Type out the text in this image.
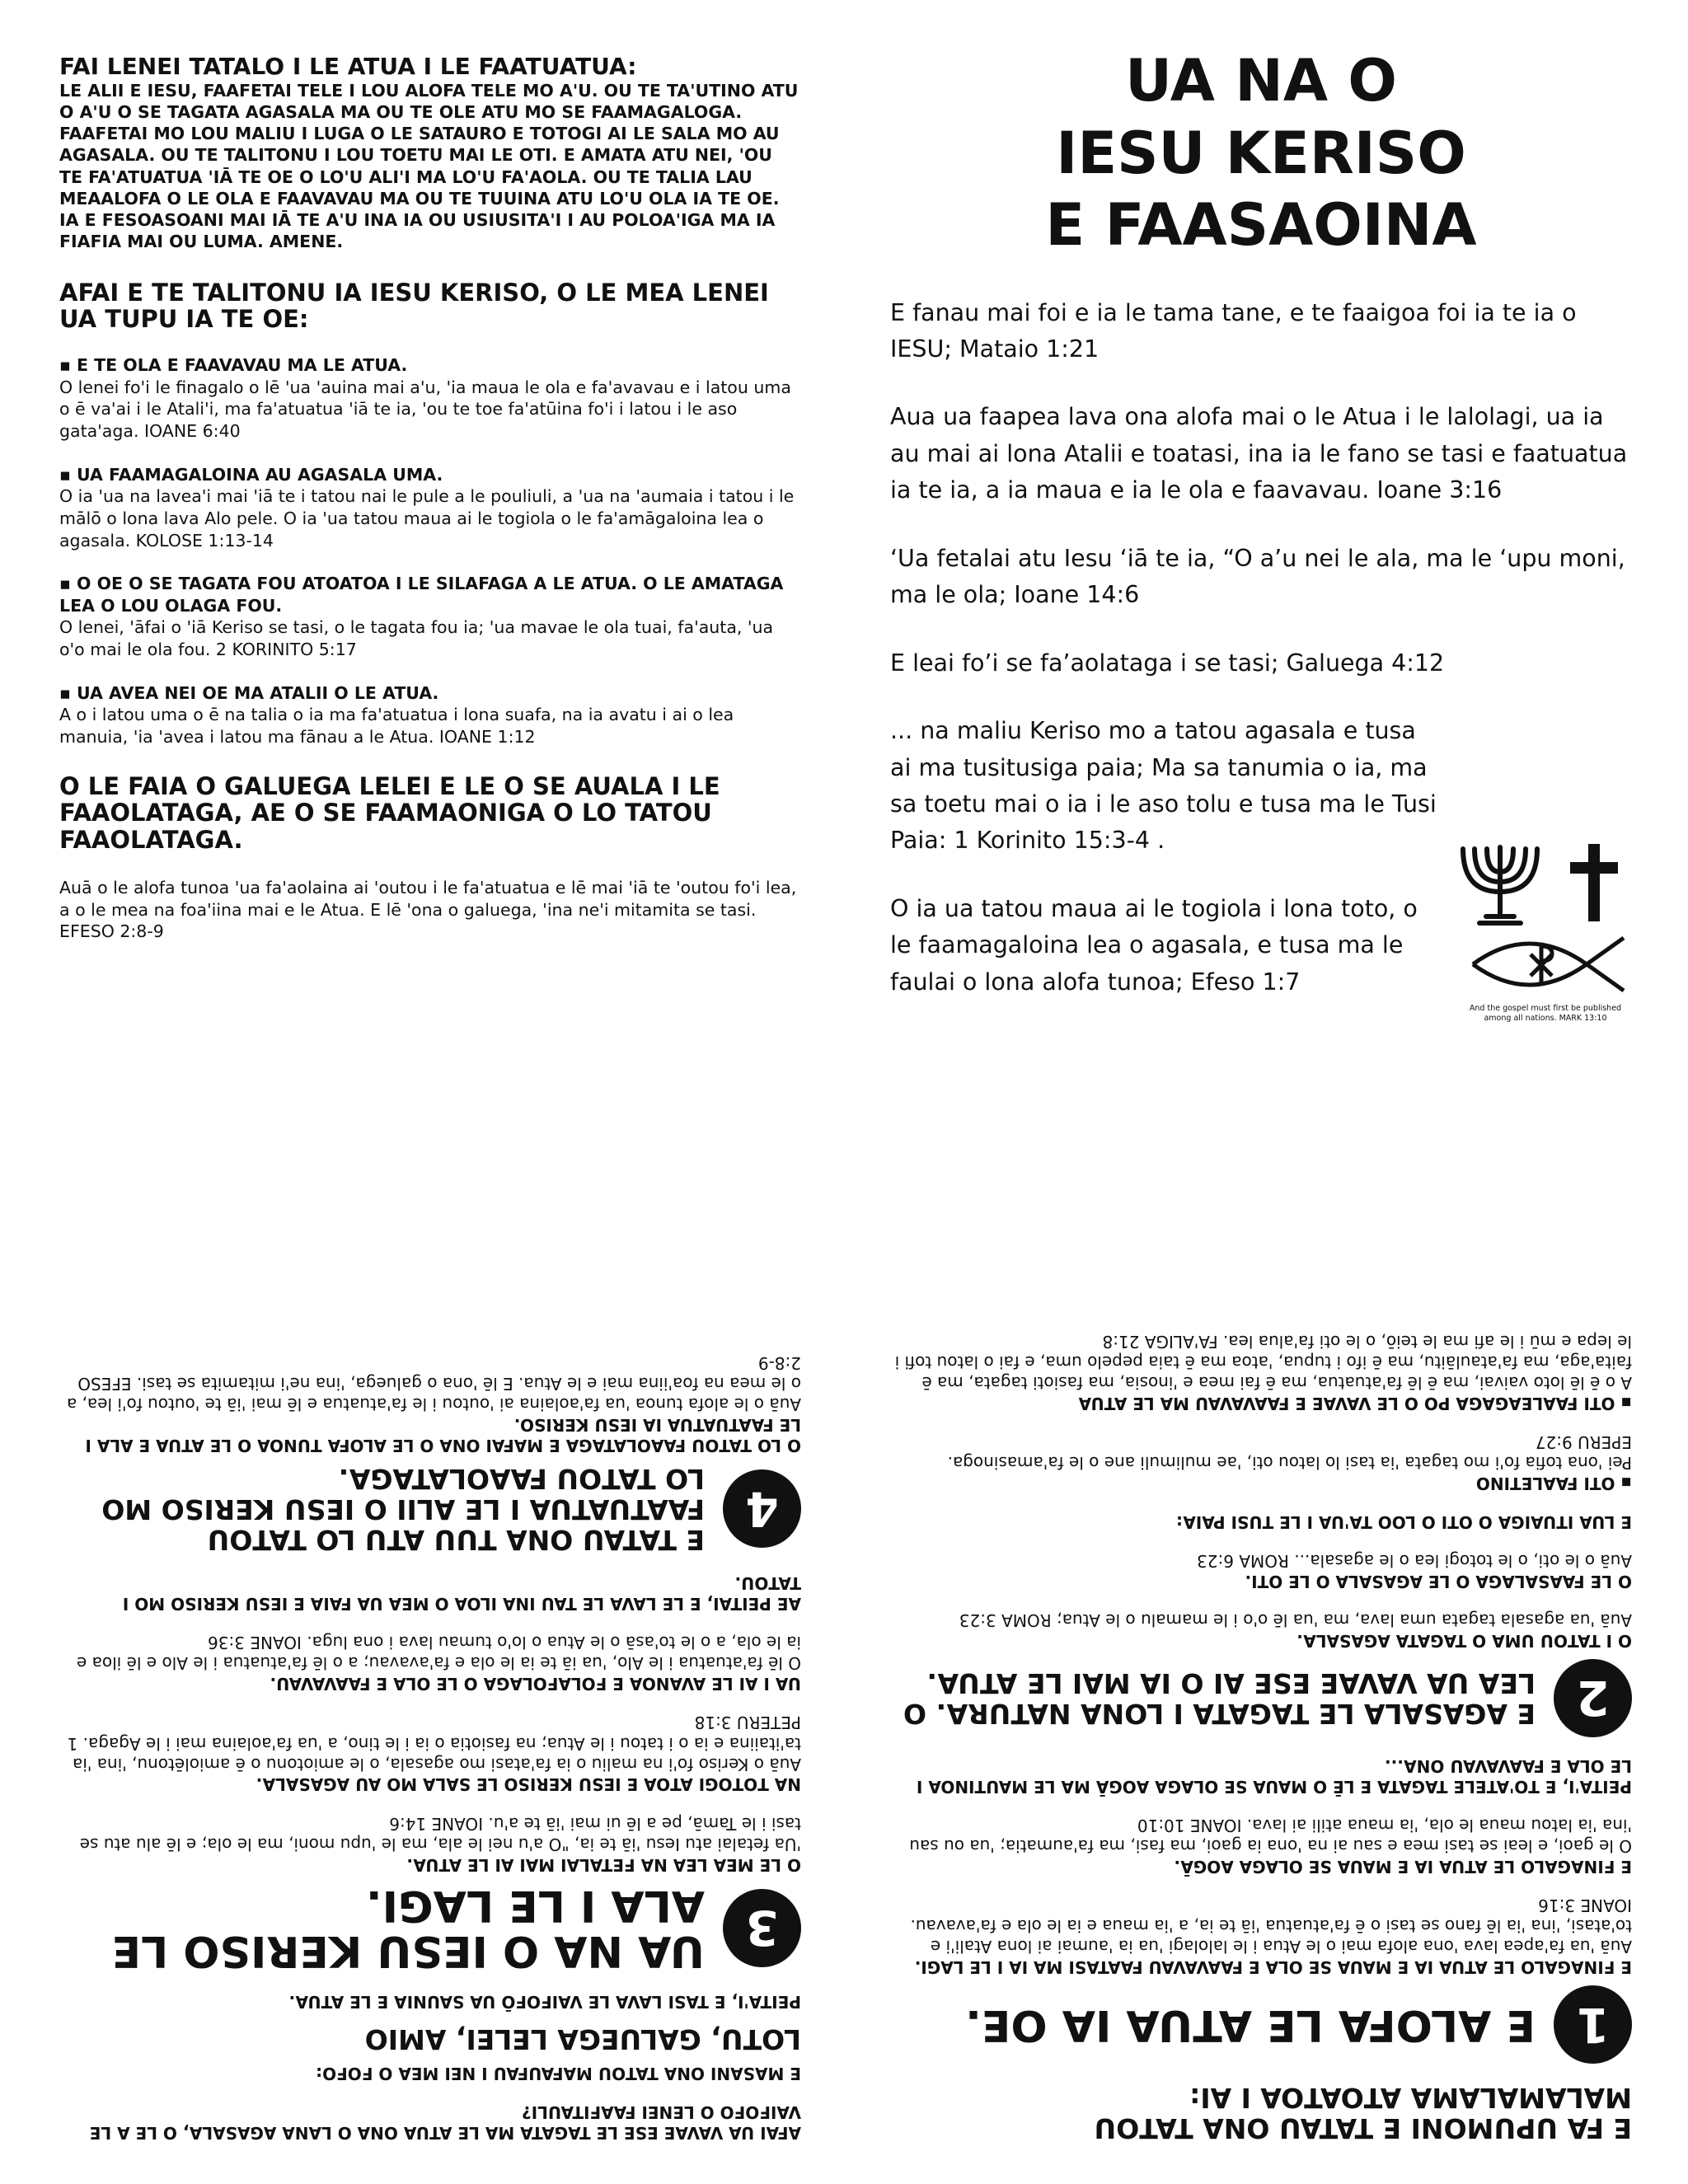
FAI LENEI TATALO I LE ATUA I LE FAATUATUA:

LE ALII E IESU, FAAFETAI TELE I LOU ALOFA TELE MO A'U. OU TE TA'UTINO ATU O A'U O SE TAGATA AGASALA MA OU TE OLE ATU MO SE FAAMAGALOGA. FAAFETAI MO LOU MALIU I LUGA O LE SATAURO E TOTOGI AI LE SALA MO AU AGASALA. OU TE TALITONU I LOU TOETU MAI LE OTI. E AMATA ATU NEI, 'OU TE FA'ATUATUA 'IĀ TE OE O LO'U ALI'I MA LO'U FA'AOLA. OU TE TALIA LAU MEAALOFA O LE OLA E FAAVAVAU MA OU TE TUUINA ATU LO'U OLA IA TE OE. IA E FESOASOANI MAI IĀ TE A'U INA IA OU USIUSITA'I I AU POLOA'IGA MA IA FIAFIA MAI OU LUMA. AMENE.

AFAI E TE TALITONU IA IESU KERISO, O LE MEA LENEI UA TUPU IA TE OE:

▪ E TE OLA E FAAVAVAU MA LE ATUA.
O lenei fo'i le finagalo o lē 'ua 'auina mai a'u, 'ia maua le ola e fa'avavau e i latou uma o ē va'ai i le Atali'i, ma fa'atuatua 'iā te ia, 'ou te toe fa'atūina fo'i i latou i le aso gata'aga. IOANE 6:40
▪ UA FAAMAGALOINA AU AGASALA UMA.
O ia 'ua na lavea'i mai 'iā te i tatou nai le pule a le pouliuli, a 'ua na 'aumaia i tatou i le mālō o lona lava Alo pele. O ia 'ua tatou maua ai le togiola o le fa'amāgaloina lea o agasala. KOLOSE 1:13-14
▪ O OE O SE TAGATA FOU ATOATOA I LE SILAFAGA A LE ATUA. O LE AMATAGA LEA O LOU OLAGA FOU.
O lenei, 'āfai o 'iā Keriso se tasi, o le tagata fou ia; 'ua mavae le ola tuai, fa'auta, 'ua o'o mai le ola fou. 2 KORINITO 5:17
▪ UA AVEA NEI OE MA ATALII O LE ATUA.
A o i latou uma o ē na talia o ia ma fa'atuatua i lona suafa, na ia avatu i ai o lea manuia, 'ia 'avea i latou ma fānau a le Atua. IOANE 1:12

O LE FAIA O GALUEGA LELEI E LE O SE AUALA I LE FAAOLATAGA, AE O SE FAAMAONIGA O LO TATOU FAAOLATAGA.

Auā o le alofa tunoa 'ua fa'aolaina ai 'outou i le fa'atuatua e lē mai 'iā te 'outou fo'i lea, a o le mea na foa'iina mai e le Atua. E lē 'ona o galuega, 'ina ne'i mitamita se tasi. EFESO 2:8-9

UA NA O
IESU KERISO
E FAASAOINA

E fanau mai foi e ia le tama tane, e te faaigoa foi ia te ia o IESU; Mataio 1:21

Aua ua faapea lava ona alofa mai o le Atua i le lalolagi, ua ia au mai ai lona Atalii e toatasi, ina ia le fano se tasi e faatuatua ia te ia, a ia maua e ia le ola e faavavau. Ioane 3:16

‘Ua fetalai atu Iesu ‘iā te ia, “O a’u nei le ala, ma le ‘upu moni, ma le ola; Ioane 14:6

E leai fo’i se fa’aolataga i se tasi; Galuega 4:12

... na maliu Keriso mo a tatou agasala e tusa ai ma tusitusiga paia; Ma sa tanumia o ia, ma sa toetu mai o ia i le aso tolu e tusa ma le Tusi Paia: 1 Korinito 15:3-4 .

O ia ua tatou maua ai le togiola i lona toto, o le faamagaloina lea o agasala, e tusa ma le faulai o lona alofa tunoa; Efeso 1:7

And the gospel must first be published among all nations. MARK 13:10

AFAI UA VAVAE ESE LE TAGATA MA LE ATUA ONA O LANA AGASALA, O LE A LE VAIFOFO O LENEI FAAFITAULI?

E MASANI ONA TATOU MAFAUFAU I NEI MEA O FOFO:

LOTU, GALUEGA LELEI, AMIO

PEITA'I, E TASI LAVA LE VAIFOFŌ UA SAUNIA E LE ATUA.

3
UA NA O IESU KERISO LE ALA I LE LAGI.

O LE MEA LEA NA FETALAI MAI AI LE ATUA.

'Ua fetalai atu Iesu 'iā te ia, "O a'u nei le ala, ma le 'upu moni, ma le ola; e lē alu atu se tasi i le Tamā, pe a lē ui mai 'iā te a'u. IOANE 14:6

NA TOTOGI ATOA E IESU KERISO LE SALA MO AU AGASALA.

Auā o Keriso fo'i na maliu o ia fa'atasi mo agasala, o le amiotonu o ē amiolētonu, 'ina 'ia ta'itaiina e ia o i tatou i le Atua; na fasiotia o ia i le tino, a 'ua fa'aolaina mai i le Agaga. 1 PETERU 3:18

UA I AI LE AVANOA E FOLAFOLAGA O LE OLA E FAAVAVAU.

O lē fa'atuatua i le Alo, 'ua iā te ia le ola e fa'avavau; a o lē fa'atuatua i le Alo e lē iloa e ia le ola, a o le to'asā o le Atua o lo'o tumau lava i ona luga. IOANE 3:36

AE PEITAI, E LE LAVA LE TAU INA ILOA O MEA UA FAIA E IESU KERISO MO I TATOU.

4
E TATAU ONA TUU ATU LO TATOU FAATUATUA I LE ALII O IESU KERISO MO LO TATOU FAAOLATAGA.

O LO TATOU FAAOLATAGA E MAFAI ONA O LE ALOFA TUNOA O LE ATUA E ALA I LE FAATUATUA IA IESU KERISO.

Auā o le alofa tunoa 'ua fa'aolaina ai 'outou i le fa'atuatua e lē mai 'iā te 'outou fo'i lea, a o le mea na foa'iina mai e le Atua. E lē 'ona o galuega, 'ina ne'i mitamita se tasi. EFESO 2:8-9

E FA UPUMONI E TATAU ONA TATOU MALAMALAMA ATOATOA I AI:
1
E ALOFA LE ATUA IA OE.

E FINAGALO LE ATUA IA E MAUA SE OLA E FAAVAVAU FAATASI MA IA I LE LAGI.

Auā 'ua fa'apea lava 'ona alofa mai o le Atua i le lalolagi 'ua ia 'aumai ai lona Atali'i e to'atasi, 'ina 'ia lē fano se tasi o ē fa'atuatua 'iā te ia, a 'ia maua e ia le ola e fa'avavau. IOANE 3:16

E FINAGALO LE ATUA IA E MAUA SE OLAGA AOGĀ.

O le gaoi, e leai se tasi mea e sau ai na 'ona ia gaoi, ma fasi, ma fa'aumatia; 'ua ou sau 'ina 'ia latou maua le ola, 'ia maua atili ai lava. IOANE 10:10

PEITA'I, E TO'ATELE TAGATA E LĒ O MAUA SE OLAGA AOGĀ MA LE MAUTINOA I LE OLA E FAAVAVAU ONA...

2
E AGASALA LE TAGATA I LONA NATURA. O LEA UA VAVAE ESE AI O IA MAI LE ATUA.

O I TATOU UMA O TAGATA AGASALA.

Auā 'ua agasala tagata uma lava, ma 'ua lē o'o i le mamalu o le Atua; ROMA 3:23

O LE FAASALAGA O LE AGASALA O LE OTI.

Auā o le oti, o le totogi lea o le agasala... ROMA 6:23

E LUA ITUAIGA O OTI O LOO TA'UA I LE TUSI PAIA:

▪ OTI FAALETINO

Pei 'ona tofia fo'i mo tagata 'ia tasi lo latou oti, 'ae mulimuli ane o le fa'amasinoga. EPERU 9:27

▪ OTI FAALEAGAGA PO O LE VAVAE E FAAVAVAU MA LE ATUA

A o ē lē loto vaivai, ma ē lē fa'atuatua, ma ē fai mea e 'inosia, ma fasioti tagata, ma ē faita'aga, ma fa'ataulāitu, ma ē ifo i tupua, 'atoa ma ē taia pepelo uma, e fai o latou tofi i le lepa e mū i le afi ma le teiō, o le oti fa'alua lea. FA'ALIGA 21:8
